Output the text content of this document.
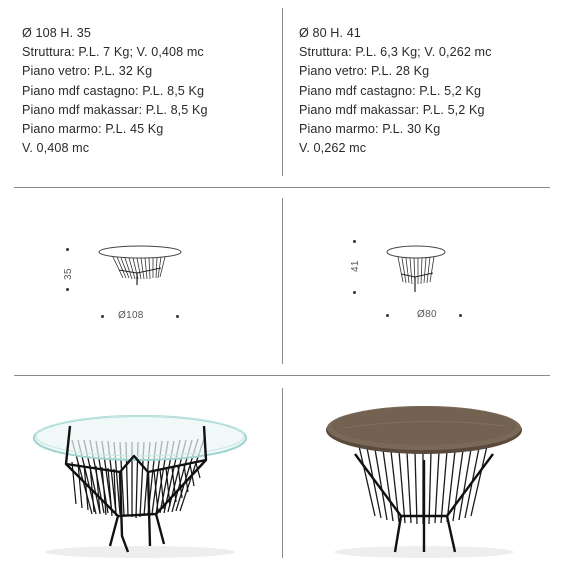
Ø 108 H. 35
Struttura: P.L. 7 Kg; V. 0,408 mc
Piano vetro: P.L. 32 Kg
Piano mdf castagno: P.L. 8,5 Kg
Piano mdf makassar: P.L. 8,5 Kg
Piano marmo: P.L. 45 Kg
V. 0,408 mc
Ø 80 H. 41
Struttura: P.L. 6,3 Kg; V. 0,262 mc
Piano vetro: P.L. 28 Kg
Piano mdf castagno: P.L. 5,2 Kg
Piano mdf makassar: P.L. 5,2 Kg
Piano marmo: P.L. 30 Kg
V. 0,262 mc
35
Ø108
41
Ø80
